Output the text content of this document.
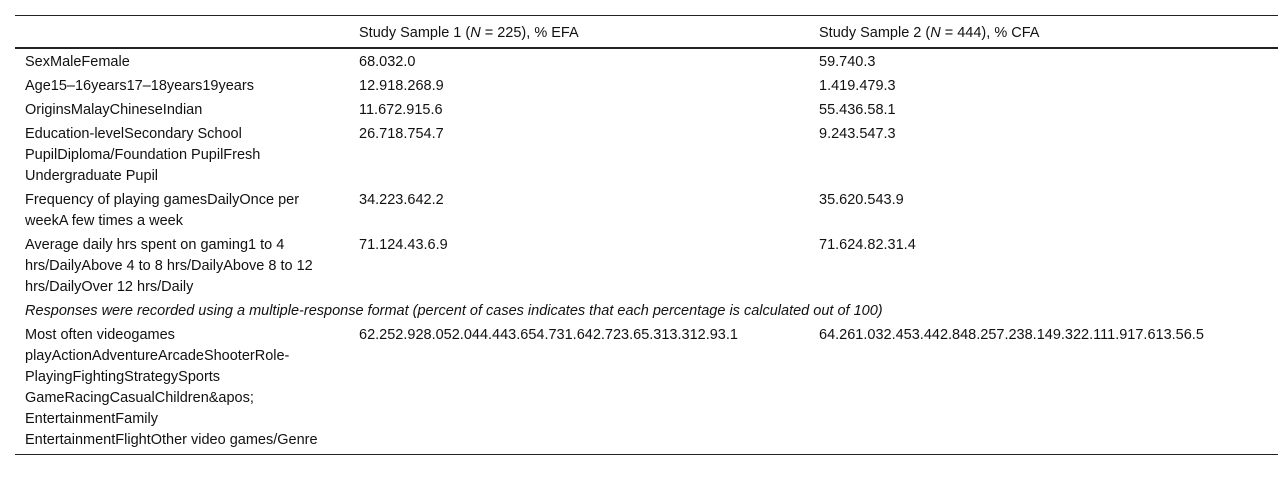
	Study Sample 1 (N = 225), % EFA	Study Sample 2 (N = 444), % CFA

SexMaleFemale	68.032.0	59.740.3

Age15–16years17–18years19years	12.918.268.9	1.419.479.3

OriginsMalayChineseIndian	11.672.915.6	55.436.58.1

Education-levelSecondary School PupilDiploma/Foundation PupilFresh Undergraduate Pupil	26.718.754.7	9.243.547.3

Frequency of playing gamesDailyOnce per weekA few times a week	34.223.642.2	35.620.543.9

Average daily hrs spent on gaming1 to 4 hrs/DailyAbove 4 to 8 hrs/DailyAbove 8 to 12 hrs/DailyOver 12 hrs/Daily	71.124.43.6.9	71.624.82.31.4
Responses were recorded using a multiple-response format (percent of cases indicates that each percentage is calculated out of 100)		

Most often videogames playActionAdventureArcadeShooterRole-PlayingFightingStrategySports GameRacingCasualChildren&apos; EntertainmentFamily EntertainmentFlightOther video games/Genre	62.252.928.052.044.443.654.731.642.723.65.313.312.93.1	64.261.032.453.442.848.257.238.149.322.111.917.613.56.5
